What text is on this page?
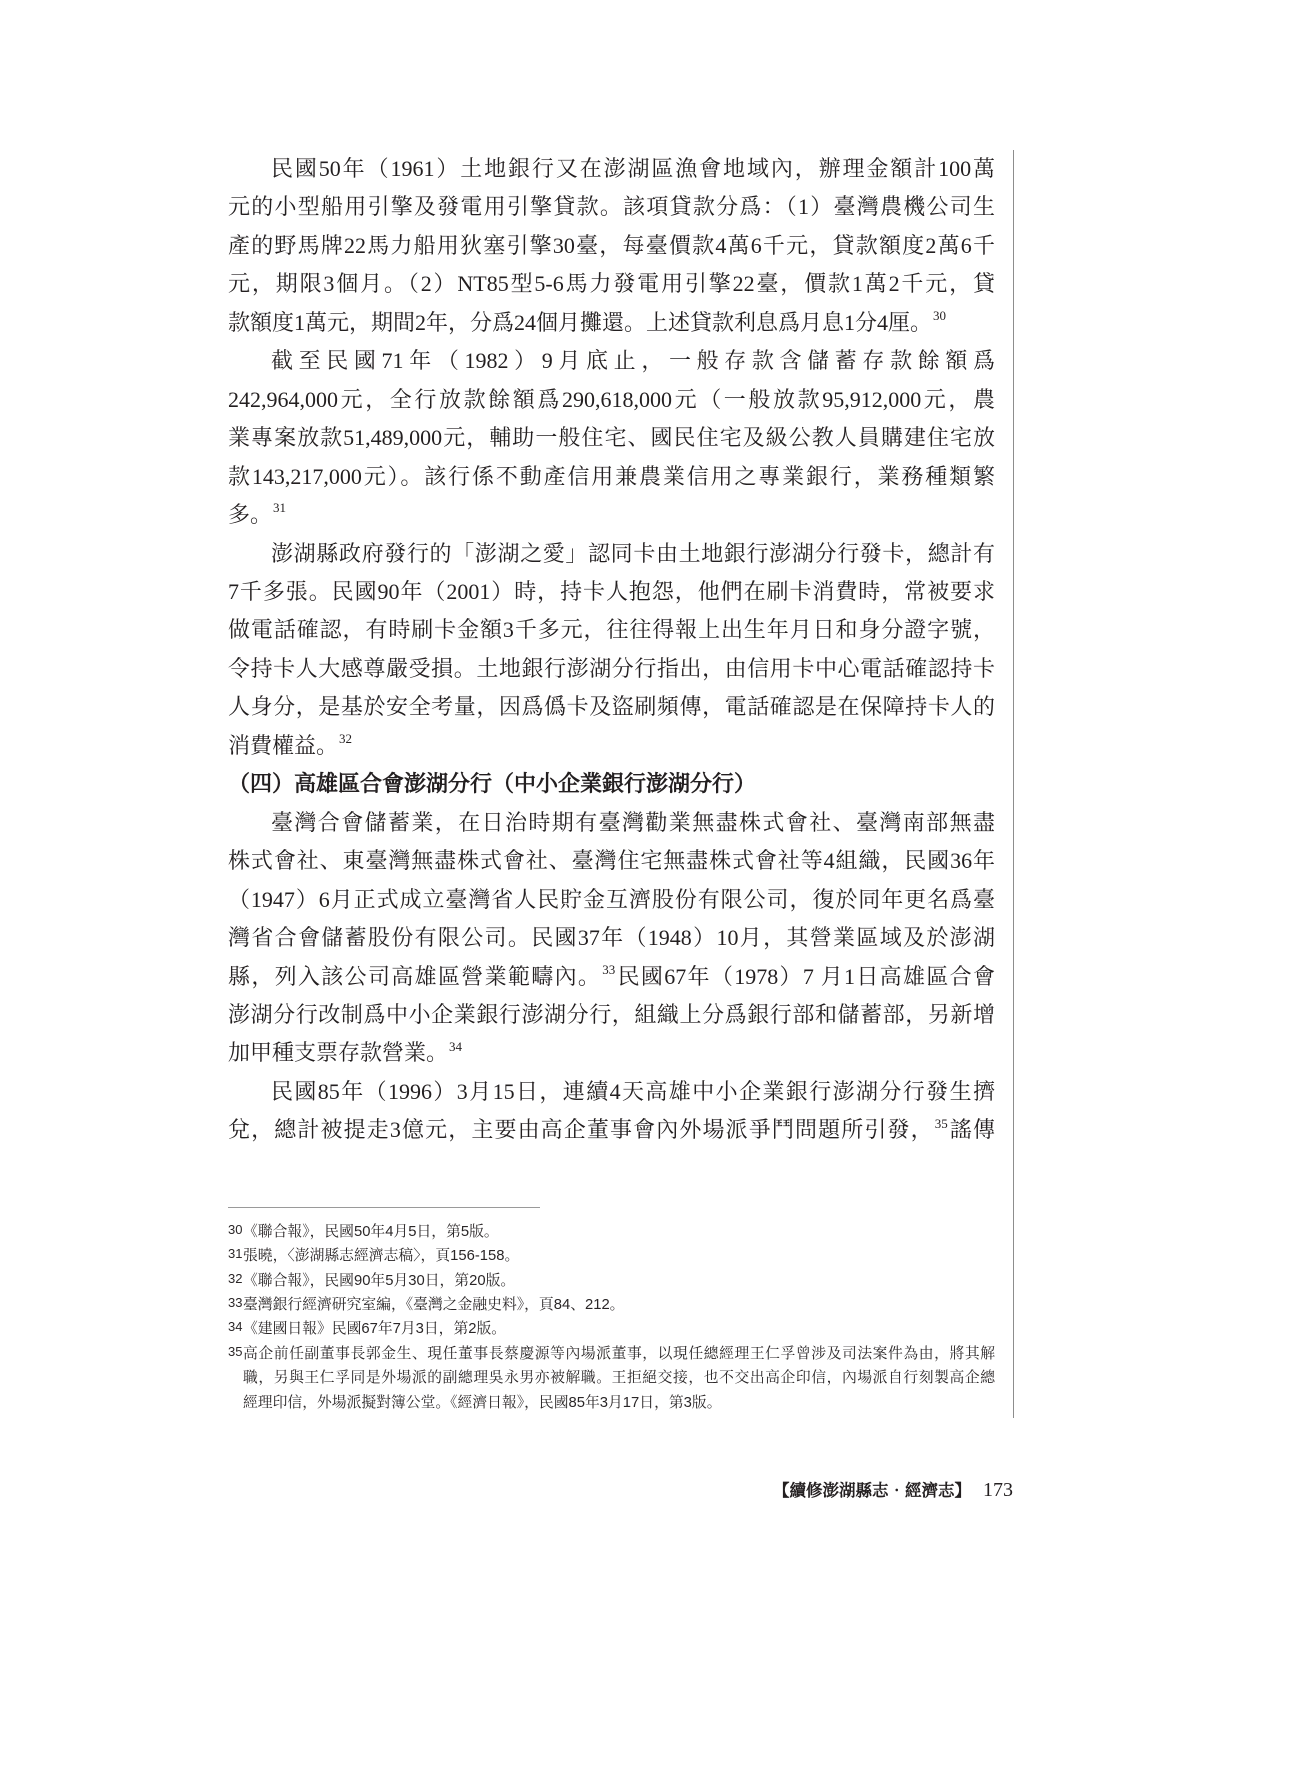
民國50年（1961）土地銀行又在澎湖區漁會地域內，辦理金額計100萬
元的小型船用引擎及發電用引擎貸款。該項貸款分爲：（1）臺灣農機公司生
產的野馬牌22馬力船用狄塞引擎30臺，每臺價款4萬6千元，貸款額度2萬6千
元，期限3個月。（2）NT85型5-6馬力發電用引擎22臺，價款1萬2千元，貸
款額度1萬元，期間2年，分爲24個月攤還。上述貸款利息爲月息1分4厘。$^{30}$
截至民國71年（1982）9月底止，一般存款含儲蓄存款餘額爲
242,964,000元，全行放款餘額爲290,618,000元（一般放款95,912,000元，農
業專案放款51,489,000元，輔助一般住宅、國民住宅及級公教人員購建住宅放
款143,217,000元）。該行係不動產信用兼農業信用之專業銀行，業務種類繁
多。$^{31}$
澎湖縣政府發行的「澎湖之愛」認同卡由土地銀行澎湖分行發卡，總計有
7千多張。民國90年（2001）時，持卡人抱怨，他們在刷卡消費時，常被要求
做電話確認，有時刷卡金額3千多元，往往得報上出生年月日和身分證字號，
令持卡人大感尊嚴受損。土地銀行澎湖分行指出，由信用卡中心電話確認持卡
人身分，是基於安全考量，因爲僞卡及盜刷頻傳，電話確認是在保障持卡人的
消費權益。$^{32}$
（四）高雄區合會澎湖分行（中小企業銀行澎湖分行）
臺灣合會儲蓄業，在日治時期有臺灣勸業無盡株式會社、臺灣南部無盡
株式會社、東臺灣無盡株式會社、臺灣住宅無盡株式會社等4組織，民國36年
（1947）6月正式成立臺灣省人民貯金互濟股份有限公司，復於同年更名爲臺
灣省合會儲蓄股份有限公司。民國37年（1948）10月，其營業區域及於澎湖
縣，列入該公司高雄區營業範疇內。$^{33}$民國67年（1978）7 月1日高雄區合會
澎湖分行改制爲中小企業銀行澎湖分行，組織上分爲銀行部和儲蓄部，另新增
加甲種支票存款營業。$^{34}$
民國85年（1996）3月15日，連續4天高雄中小企業銀行澎湖分行發生擠
兌，總計被提走3億元，主要由高企董事會內外場派爭鬥問題所引發，$^{35}$謠傳
30 《聯合報》，民國50年4月5日，第5版。
31 張曉，〈澎湖縣志經濟志稿〉，頁156-158。
32 《聯合報》，民國90年5月30日，第20版。
33 臺灣銀行經濟研究室編，《臺灣之金融史料》，頁84、212。
34 《建國日報》民國67年7月3日，第2版。
35 高企前任副董事長郭金生、現任董事長蔡慶源等內場派董事，以現任總經理王仁孚曾涉及司法案件為由，將其解
職，另與王仁孚同是外場派的副總理吳永男亦被解職。王拒絕交接，也不交出高企印信，內場派自行刻製高企總
經理印信，外場派擬對簿公堂。《經濟日報》，民國85年3月17日，第3版。
【續修澎湖縣志‧經濟志】 173
